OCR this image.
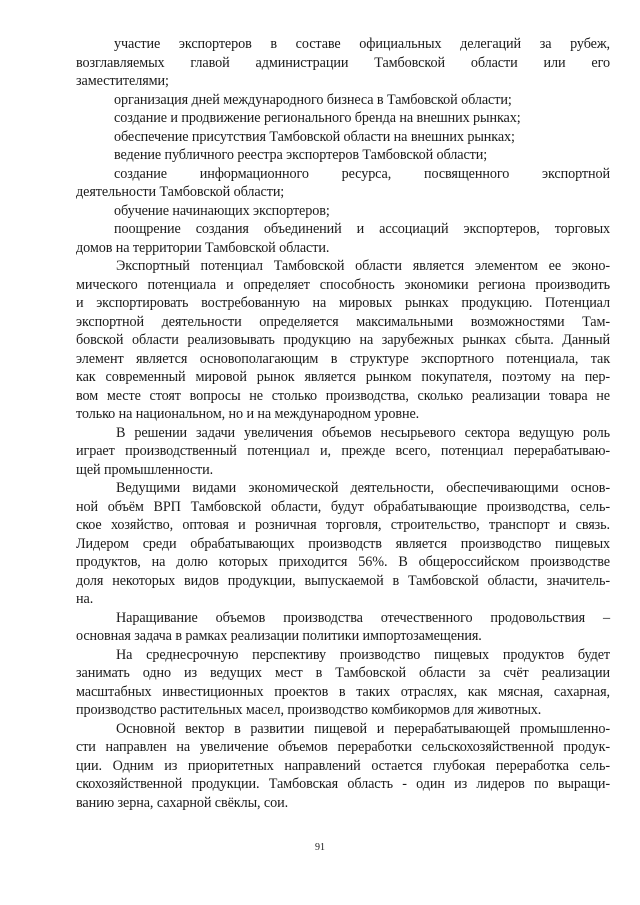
участие экспортеров в составе официальных делегаций за рубеж,
возглавляемых главой администрации Тамбовской области или его
заместителями;
организация дней международного бизнеса в Тамбовской области;
создание и продвижение регионального бренда на внешних рынках;
обеспечение присутствия Тамбовской области на внешних рынках;
ведение публичного реестра экспортеров Тамбовской области;
создание информационного ресурса, посвященного экспортной
деятельности Тамбовской области;
обучение начинающих экспортеров;
поощрение создания объединений и ассоциаций экспортеров, торговых
домов на территории Тамбовской области.
Экспортный потенциал Тамбовской области является элементом ее эконо-
мического потенциала и определяет способность экономики региона производить
и экспортировать востребованную на мировых рынках продукцию. Потенциал
экспортной деятельности определяется максимальными возможностями Там-
бовской области реализовывать продукцию на зарубежных рынках сбыта. Данный
элемент является основополагающим в структуре экспортного потенциала, так
как современный мировой рынок является рынком покупателя, поэтому на пер-
вом месте стоят вопросы не столько производства, сколько реализации товара не
только на национальном, но и на международном уровне.
В решении задачи увеличения объемов несырьевого сектора ведущую роль
играет производственный потенциал и, прежде всего, потенциал перерабатываю-
щей промышленности.
Ведущими видами экономической деятельности, обеспечивающими основ-
ной объём ВРП Тамбовской области, будут обрабатывающие производства, сель-
ское хозяйство, оптовая и розничная торговля, строительство, транспорт и связь.
Лидером среди обрабатывающих производств является производство пищевых
продуктов, на долю которых приходится 56%. В общероссийском производстве
доля некоторых видов продукции, выпускаемой в Тамбовской области, значитель-
на.
Наращивание объемов производства отечественного продовольствия –
основная задача в рамках реализации политики импортозамещения.
На среднесрочную перспективу производство пищевых продуктов будет
занимать одно из ведущих мест в Тамбовской области за счёт реализации
масштабных инвестиционных проектов в таких отраслях, как мясная, сахарная,
производство растительных масел, производство комбикормов для животных.
Основной вектор в развитии пищевой и перерабатывающей промышленно-
сти направлен на увеличение объемов переработки сельскохозяйственной продук-
ции. Одним из приоритетных направлений остается глубокая переработка сель-
скохозяйственной продукции. Тамбовская область - один из лидеров по выращи-
ванию зерна, сахарной свёклы, сои.
91
